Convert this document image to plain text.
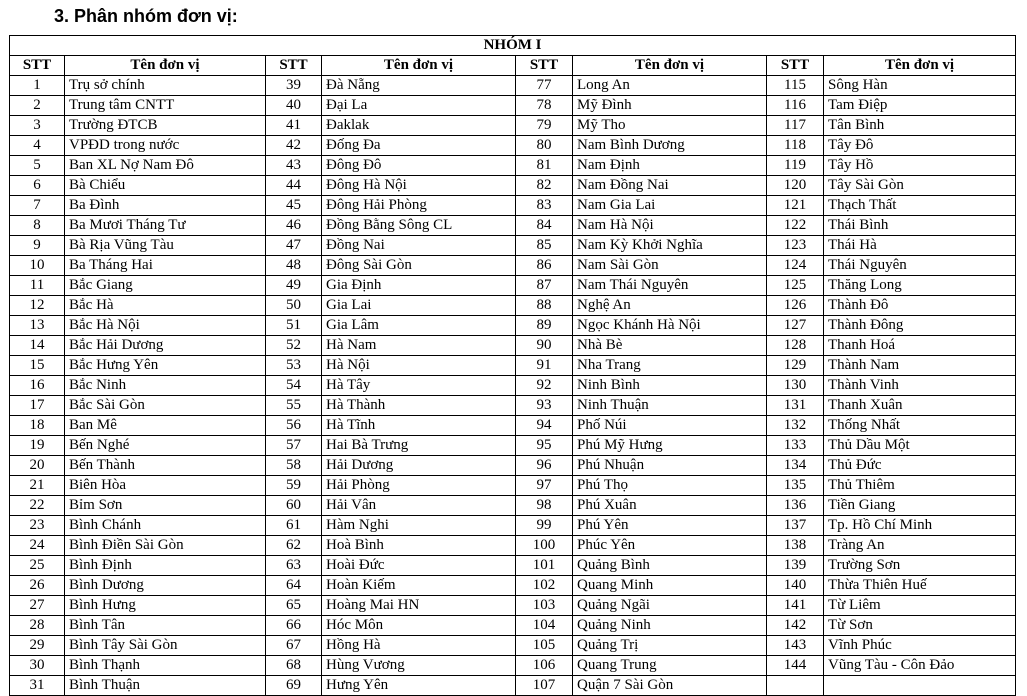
3. Phân nhóm đơn vị:
NHÓM I							
STT	Tên đơn vị	STT	Tên đơn vị	STT	Tên đơn vị	STT	Tên đơn vị
1	Trụ sở chính	39	Đà Nẵng	77	Long An	115	Sông Hàn
2	Trung tâm CNTT	40	Đại La	78	Mỹ Đình	116	Tam Điệp
3	Trường ĐTCB	41	Đaklak	79	Mỹ Tho	117	Tân Bình
4	VPĐD trong nước	42	Đống Đa	80	Nam Bình Dương	118	Tây Đô
5	Ban XL Nợ Nam Đô	43	Đông Đô	81	Nam Định	119	Tây Hồ
6	Bà Chiểu	44	Đông Hà Nội	82	Nam Đồng Nai	120	Tây Sài Gòn
7	Ba Đình	45	Đông Hải Phòng	83	Nam Gia Lai	121	Thạch Thất
8	Ba Mươi Tháng Tư	46	Đồng Bằng Sông CL	84	Nam Hà Nội	122	Thái Bình
9	Bà Rịa Vũng Tàu	47	Đồng Nai	85	Nam Kỳ Khởi Nghĩa	123	Thái Hà
10	Ba Tháng Hai	48	Đông Sài Gòn	86	Nam Sài Gòn	124	Thái Nguyên
11	Bắc Giang	49	Gia Định	87	Nam Thái Nguyên	125	Thăng Long
12	Bắc Hà	50	Gia Lai	88	Nghệ An	126	Thành Đô
13	Bắc Hà Nội	51	Gia Lâm	89	Ngọc Khánh Hà Nội	127	Thành Đông
14	Bắc Hải Dương	52	Hà Nam	90	Nhà Bè	128	Thanh Hoá
15	Bắc Hưng Yên	53	Hà Nội	91	Nha Trang	129	Thành Nam
16	Bắc Ninh	54	Hà Tây	92	Ninh Bình	130	Thành Vinh
17	Bắc Sài Gòn	55	Hà Thành	93	Ninh Thuận	131	Thanh Xuân
18	Ban Mê	56	Hà Tĩnh	94	Phố Núi	132	Thống Nhất
19	Bến Nghé	57	Hai Bà Trưng	95	Phú Mỹ Hưng	133	Thủ Dầu Một
20	Bến Thành	58	Hải Dương	96	Phú Nhuận	134	Thủ Đức
21	Biên Hòa	59	Hải Phòng	97	Phú Thọ	135	Thủ Thiêm
22	Bỉm Sơn	60	Hải Vân	98	Phú Xuân	136	Tiền Giang
23	Bình Chánh	61	Hàm Nghi	99	Phú Yên	137	Tp. Hồ Chí Minh
24	Bình Điền Sài Gòn	62	Hoà Bình	100	Phúc Yên	138	Tràng An
25	Bình Định	63	Hoài Đức	101	Quảng Bình	139	Trường Sơn
26	Bình Dương	64	Hoàn Kiếm	102	Quang Minh	140	Thừa Thiên Huế
27	Bình Hưng	65	Hoàng Mai HN	103	Quảng Ngãi	141	Từ Liêm
28	Bình Tân	66	Hóc Môn	104	Quảng Ninh	142	Từ Sơn
29	Bình Tây Sài Gòn	67	Hồng Hà	105	Quảng Trị	143	Vĩnh Phúc
30	Bình Thạnh	68	Hùng Vương	106	Quang Trung	144	Vũng Tàu - Côn Đảo
31	Bình Thuận	69	Hưng Yên	107	Quận 7 Sài Gòn		
